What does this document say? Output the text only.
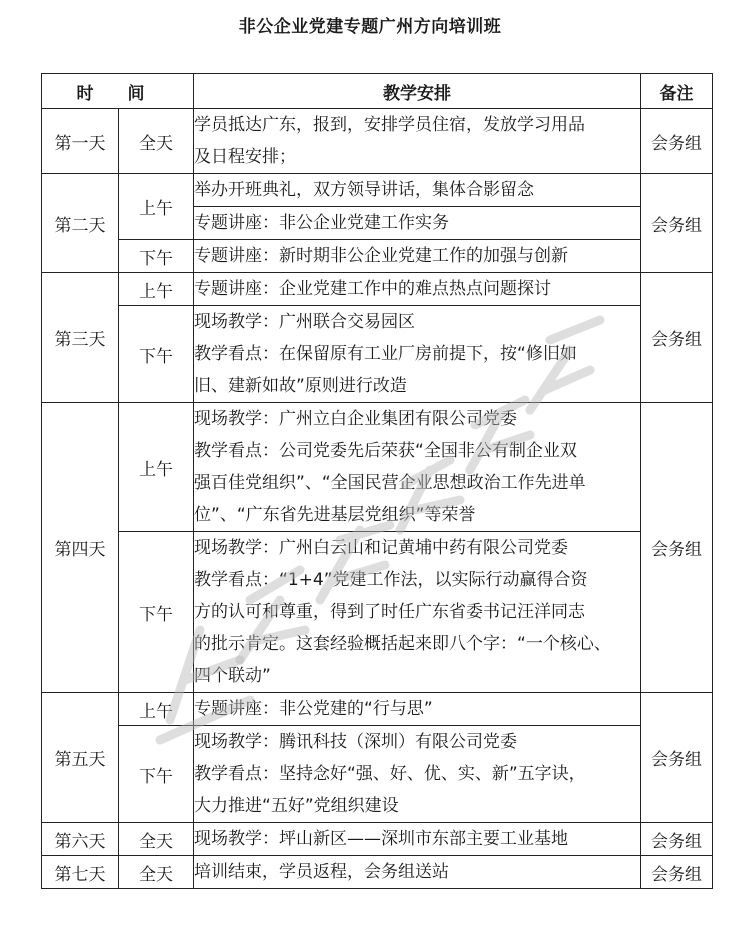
非公企业党建专题广州方向培训班
时 间		教学安排	备注
第一天	全天	学员抵达广东，报到，安排学员住宿，发放学习用品
及日程安排；	会务组
第二天	上午	举办开班典礼，双方领导讲话，集体合影留念	会务组

		专题讲座：非公企业党建工作实务	

	下午	专题讲座：新时期非公企业党建工作的加强与创新	

第三天	上午	专题讲座：企业党建工作中的难点热点问题探讨	会务组
	下午	现场教学：广州联合交易园区
教学看点：在保留原有工业厂房前提下，按“修旧如
旧、建新如故”原则进行改造	

第四天	上午	现场教学：广州立白企业集团有限公司党委
教学看点：公司党委先后荣获“全国非公有制企业双
强百佳党组织”、“全国民营企业思想政治工作先进单
位”、“广东省先进基层党组织”等荣誉	会务组
	下午	现场教学：广州白云山和记黄埔中药有限公司党委
教学看点：“1+4”党建工作法，以实际行动赢得合资
方的认可和尊重，得到了时任广东省委书记汪洋同志
的批示肯定。这套经验概括起来即八个字：“一个核心、
四个联动”	

第五天	上午	专题讲座：非公党建的“行与思”	会务组
	下午	现场教学：腾讯科技（深圳）有限公司党委
教学看点：坚持念好“强、好、优、实、新”五字诀，
大力推进“五好”党组织建设	

第六天	全天	现场教学：坪山新区——深圳市东部主要工业基地	会务组
第七天	全天	培训结束，学员返程，会务组送站	会务组
